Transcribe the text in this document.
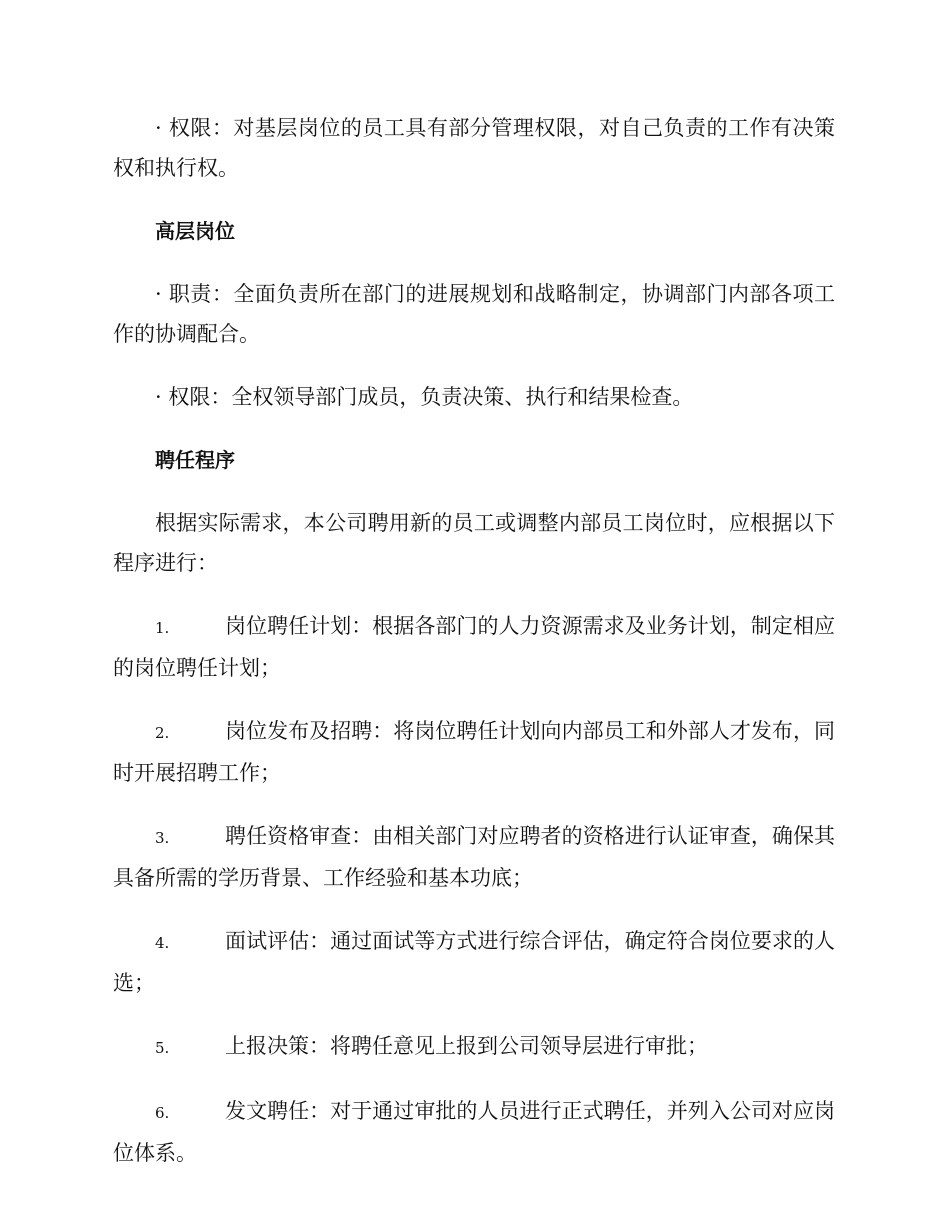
· 权限：对基层岗位的员工具有部分管理权限，对自己负责的工作有决策权和执行权。

高层岗位

· 职责：全面负责所在部门的进展规划和战略制定，协调部门内部各项工作的协调配合。

· 权限：全权领导部门成员，负责决策、执行和结果检查。

聘任程序

根据实际需求，本公司聘用新的员工或调整内部员工岗位时，应根据以下程序进行：

1.	岗位聘任计划：根据各部门的人力资源需求及业务计划，制定相应的岗位聘任计划；

2.	岗位发布及招聘：将岗位聘任计划向内部员工和外部人才发布，同时开展招聘工作；

3.	聘任资格审查：由相关部门对应聘者的资格进行认证审查，确保其具备所需的学历背景、工作经验和基本功底；

4.	面试评估：通过面试等方式进行综合评估，确定符合岗位要求的人选；

5.	上报决策：将聘任意见上报到公司领导层进行审批；

6.	发文聘任：对于通过审批的人员进行正式聘任，并列入公司对应岗位体系。
